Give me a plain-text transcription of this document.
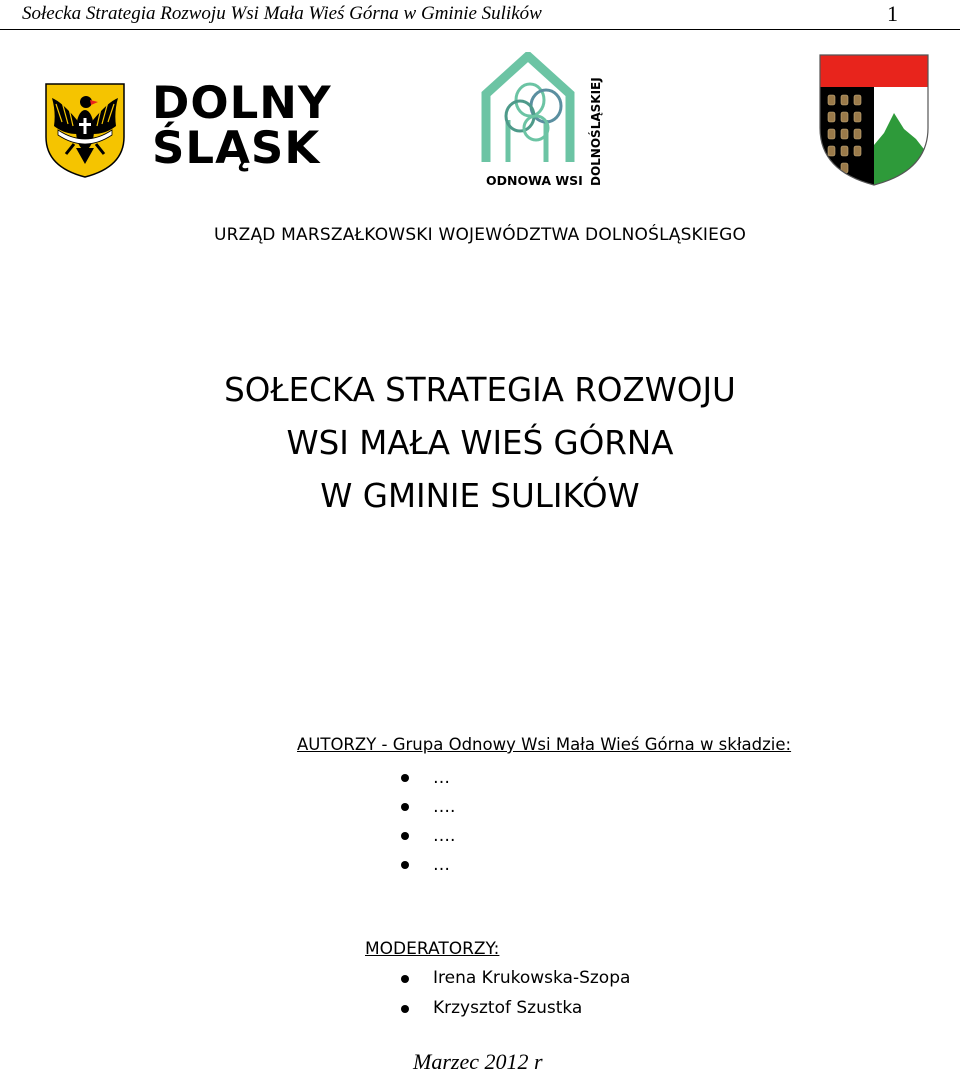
Sołecka Strategia Rozwoju Wsi Mała Wieś Górna w Gminie Sulików	1
DOLNY
ŚLĄSK
ODNOWA WSI DOLNOŚLĄSKIEJ
URZĄD MARSZAŁKOWSKI WOJEWÓDZTWA DOLNOŚLĄSKIEGO
SOŁECKA STRATEGIA ROZWOJU
WSI MAŁA WIEŚ GÓRNA
W GMINIE SULIKÓW
AUTORZY - Grupa Odnowy Wsi Mała Wieś Górna w składzie:
…
….
….
…
MODERATORZY:
Irena Krukowska-Szopa
Krzysztof Szustka
Marzec 2012 r
